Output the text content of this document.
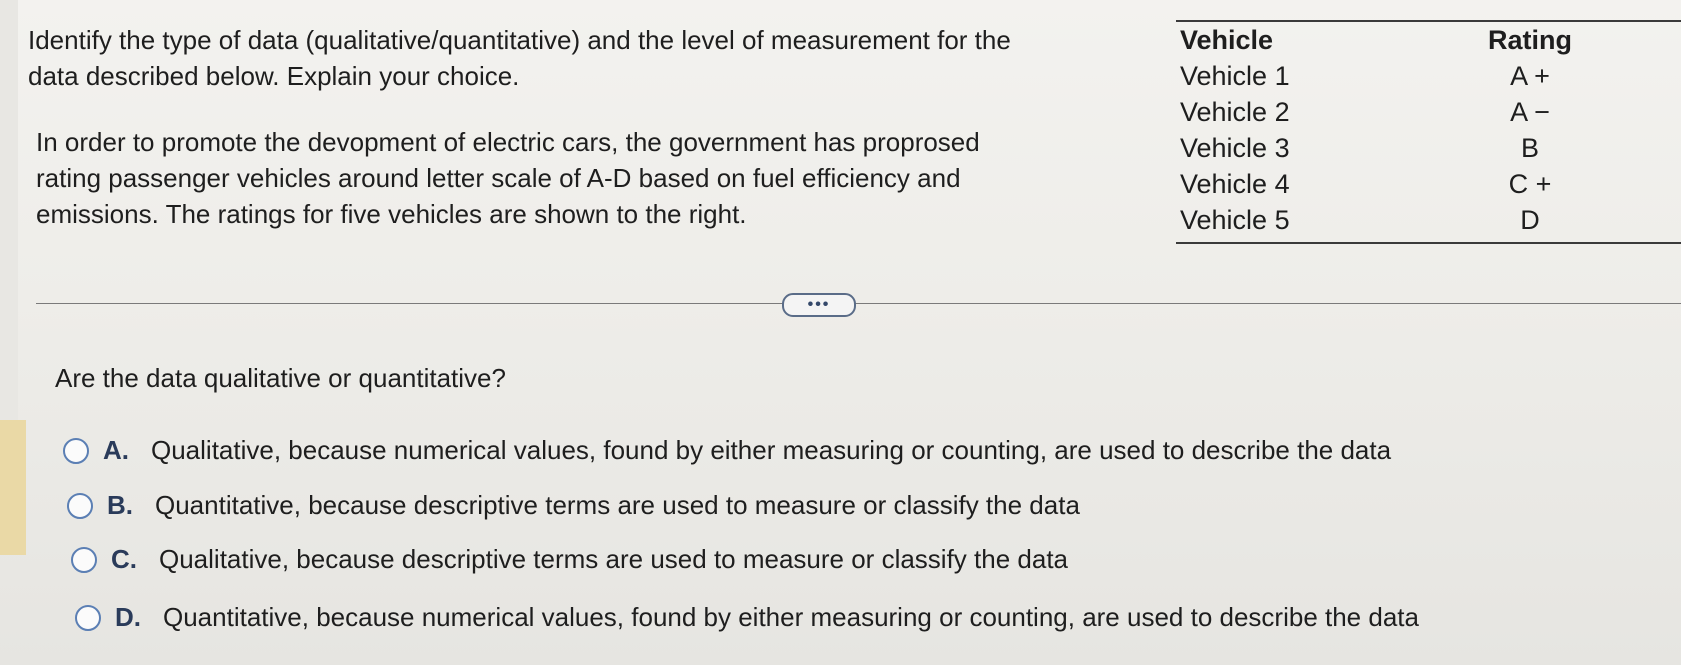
Identify the type of data (qualitative/quantitative) and the level of measurement for the
data described below. Explain your choice.
In order to promote the devopment of electric cars, the government has proprosed
rating passenger vehicles around letter scale of A-D based on fuel efficiency and
emissions. The ratings for five vehicles are shown to the right.
Vehicle	Rating
Vehicle 1	A +
Vehicle 2	A −
Vehicle 3	B
Vehicle 4	C +
Vehicle 5	D
•••
Are the data qualitative or quantitative?
A. Qualitative, because numerical values, found by either measuring or counting, are used to describe the data
B. Quantitative, because descriptive terms are used to measure or classify the data
C. Qualitative, because descriptive terms are used to measure or classify the data
D. Quantitative, because numerical values, found by either measuring or counting, are used to describe the data
